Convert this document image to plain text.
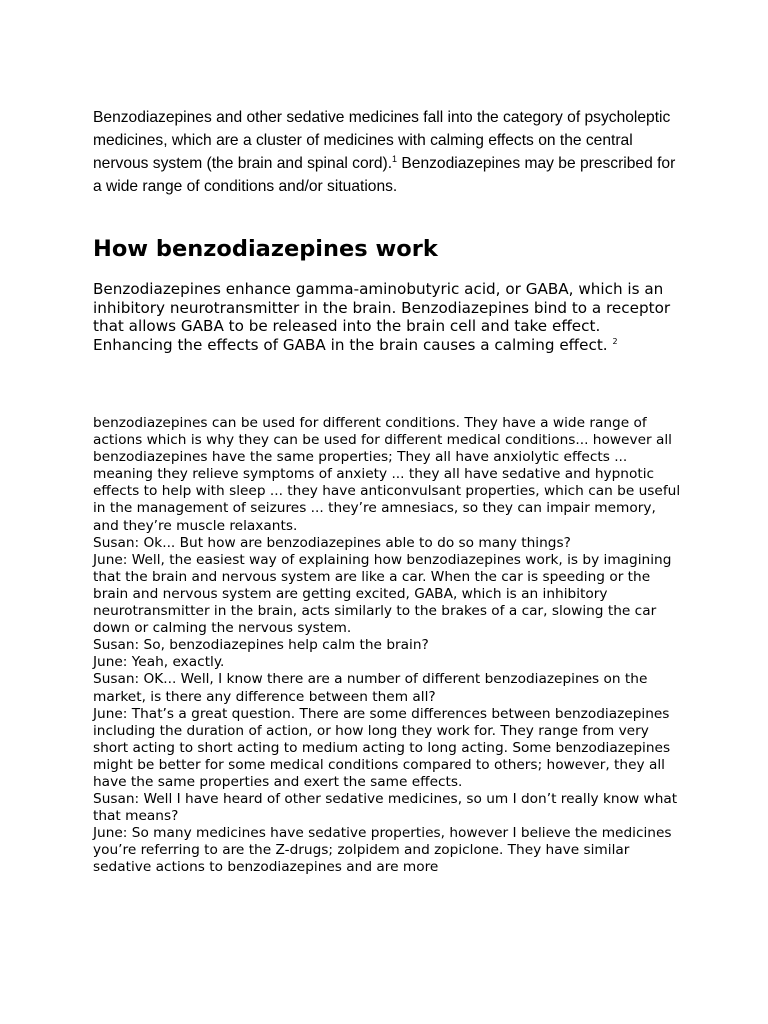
Benzodiazepines and other sedative medicines fall into the category of psycholeptic medicines, which are a cluster of medicines with calming effects on the central nervous system (the brain and spinal cord).$^1$ Benzodiazepines may be prescribed for a wide range of conditions and/or situations.

How benzodiazepines work

Benzodiazepines enhance gamma-aminobutyric acid, or GABA, which is an inhibitory neurotransmitter in the brain. Benzodiazepines bind to a receptor that allows GABA to be released into the brain cell and take effect. Enhancing the effects of GABA in the brain causes a calming effect. $^2$

benzodiazepines can be used for different conditions. They have a wide range of actions which is why they can be used for different medical conditions... however all benzodiazepines have the same properties; They all have anxiolytic effects ... meaning they relieve symptoms of anxiety ... they all have sedative and hypnotic effects to help with sleep ... they have anticonvulsant properties, which can be useful in the management of seizures ... they’re amnesiacs, so they can impair memory, and they’re muscle relaxants.

Susan: Ok... But how are benzodiazepines able to do so many things?

June: Well, the easiest way of explaining how benzodiazepines work, is by imagining that the brain and nervous system are like a car. When the car is speeding or the brain and nervous system are getting excited, GABA, which is an inhibitory neurotransmitter in the brain, acts similarly to the brakes of a car, slowing the car down or calming the nervous system.

Susan: So, benzodiazepines help calm the brain?

June: Yeah, exactly.

Susan: OK... Well, I know there are a number of different benzodiazepines on the market, is there any difference between them all?

June: That’s a great question. There are some differences between benzodiazepines including the duration of action, or how long they work for. They range from very short acting to short acting to medium acting to long acting. Some benzodiazepines might be better for some medical conditions compared to others; however, they all have the same properties and exert the same effects.

Susan: Well I have heard of other sedative medicines, so um I don’t really know what that means?

June: So many medicines have sedative properties, however I believe the medicines you’re referring to are the Z-drugs; zolpidem and zopiclone. They have similar sedative actions to benzodiazepines and are more
